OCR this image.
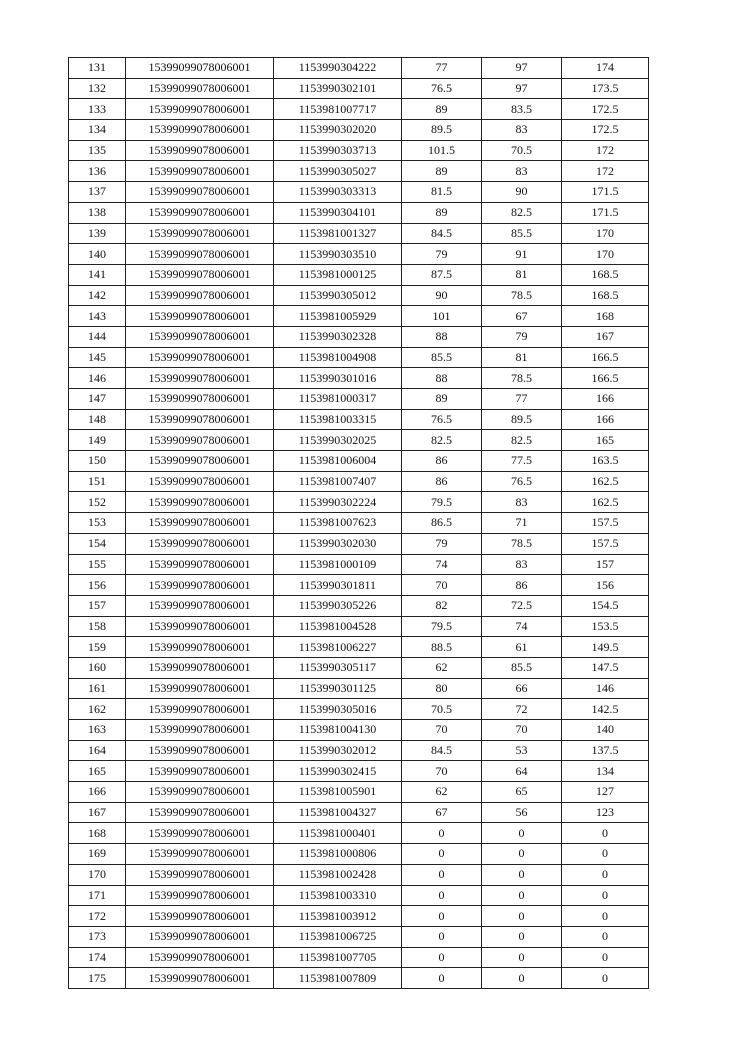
131	15399099078006001	1153990304222	77	97	174
132	15399099078006001	1153990302101	76.5	97	173.5
133	15399099078006001	1153981007717	89	83.5	172.5
134	15399099078006001	1153990302020	89.5	83	172.5
135	15399099078006001	1153990303713	101.5	70.5	172
136	15399099078006001	1153990305027	89	83	172
137	15399099078006001	1153990303313	81.5	90	171.5
138	15399099078006001	1153990304101	89	82.5	171.5
139	15399099078006001	1153981001327	84.5	85.5	170
140	15399099078006001	1153990303510	79	91	170
141	15399099078006001	1153981000125	87.5	81	168.5
142	15399099078006001	1153990305012	90	78.5	168.5
143	15399099078006001	1153981005929	101	67	168
144	15399099078006001	1153990302328	88	79	167
145	15399099078006001	1153981004908	85.5	81	166.5
146	15399099078006001	1153990301016	88	78.5	166.5
147	15399099078006001	1153981000317	89	77	166
148	15399099078006001	1153981003315	76.5	89.5	166
149	15399099078006001	1153990302025	82.5	82.5	165
150	15399099078006001	1153981006004	86	77.5	163.5
151	15399099078006001	1153981007407	86	76.5	162.5
152	15399099078006001	1153990302224	79.5	83	162.5
153	15399099078006001	1153981007623	86.5	71	157.5
154	15399099078006001	1153990302030	79	78.5	157.5
155	15399099078006001	1153981000109	74	83	157
156	15399099078006001	1153990301811	70	86	156
157	15399099078006001	1153990305226	82	72.5	154.5
158	15399099078006001	1153981004528	79.5	74	153.5
159	15399099078006001	1153981006227	88.5	61	149.5
160	15399099078006001	1153990305117	62	85.5	147.5
161	15399099078006001	1153990301125	80	66	146
162	15399099078006001	1153990305016	70.5	72	142.5
163	15399099078006001	1153981004130	70	70	140
164	15399099078006001	1153990302012	84.5	53	137.5
165	15399099078006001	1153990302415	70	64	134
166	15399099078006001	1153981005901	62	65	127
167	15399099078006001	1153981004327	67	56	123
168	15399099078006001	1153981000401	0	0	0
169	15399099078006001	1153981000806	0	0	0
170	15399099078006001	1153981002428	0	0	0
171	15399099078006001	1153981003310	0	0	0
172	15399099078006001	1153981003912	0	0	0
173	15399099078006001	1153981006725	0	0	0
174	15399099078006001	1153981007705	0	0	0
175	15399099078006001	1153981007809	0	0	0
